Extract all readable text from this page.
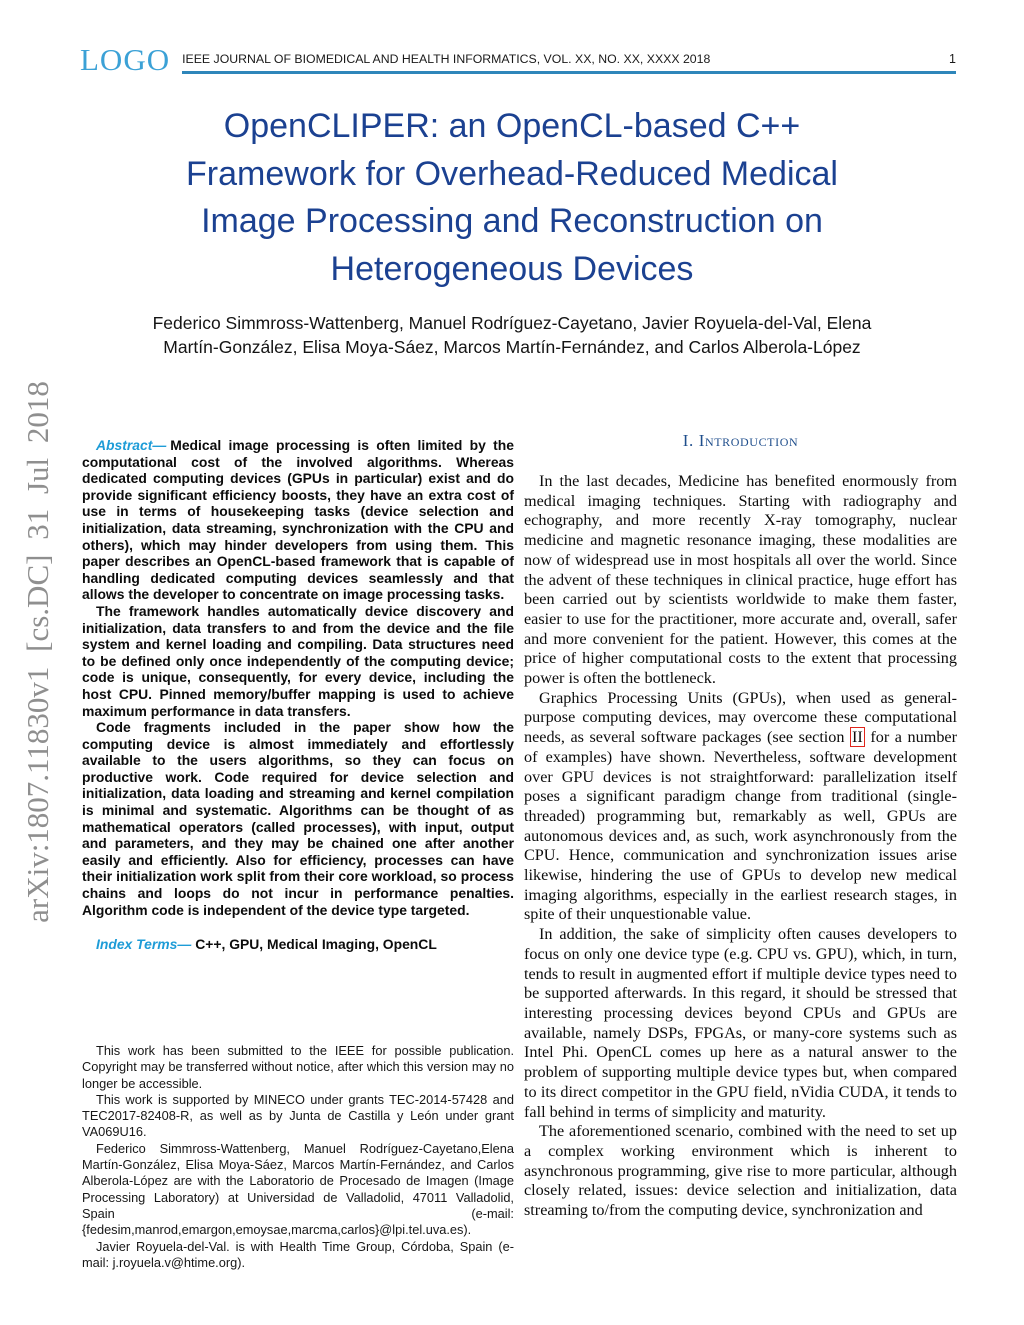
arXiv:1807.11830v1 [cs.DC] 31 Jul 2018
LOGO IEEE JOURNAL OF BIOMEDICAL AND HEALTH INFORMATICS, VOL. XX, NO. XX, XXXX 2018	1
OpenCLIPER: an OpenCL-based C++
Framework for Overhead-Reduced Medical
Image Processing and Reconstruction on
Heterogeneous Devices
Federico Simmross-Wattenberg, Manuel Rodríguez-Cayetano, Javier Royuela-del-Val, Elena
Martín-González, Elisa Moya-Sáez, Marcos Martín-Fernández, and Carlos Alberola-López

Abstract— Medical image processing is often limited by the computational cost of the involved algorithms. Whereas dedicated computing devices (GPUs in particular) exist and do provide significant efficiency boosts, they have an extra cost of use in terms of housekeeping tasks (device selection and initialization, data streaming, synchronization with the CPU and others), which may hinder developers from using them. This paper describes an OpenCL-based framework that is capable of handling dedicated computing devices seamlessly and that allows the developer to concentrate on image processing tasks.

The framework handles automatically device discovery and initialization, data transfers to and from the device and the file system and kernel loading and compiling. Data structures need to be defined only once independently of the computing device; code is unique, consequently, for every device, including the host CPU. Pinned memory/buffer mapping is used to achieve maximum performance in data transfers.

Code fragments included in the paper show how the computing device is almost immediately and effortlessly available to the users algorithms, so they can focus on productive work. Code required for device selection and initialization, data loading and streaming and kernel compilation is minimal and systematic. Algorithms can be thought of as mathematical operators (called processes), with input, output and parameters, and they may be chained one after another easily and efficiently. Also for efficiency, processes can have their initialization work split from their core workload, so process chains and loops do not incur in performance penalties. Algorithm code is independent of the device type targeted.

Index Terms— C++, GPU, Medical Imaging, OpenCL

This work has been submitted to the IEEE for possible publication. Copyright may be transferred without notice, after which this version may no longer be accessible.

This work is supported by MINECO under grants TEC-2014-57428 and TEC2017-82408-R, as well as by Junta de Castilla y León under grant VA069U16.

Federico Simmross-Wattenberg, Manuel Rodríguez-Cayetano,Elena Martín-González, Elisa Moya-Sáez, Marcos Martín-Fernández, and Carlos Alberola-López are with the Laboratorio de Procesado de Imagen (Image Processing Laboratory) at Universidad de Valladolid, 47011 Valladolid, Spain (e-mail: {fedesim,manrod,emargon,emoysae,marcma,carlos}@lpi.tel.uva.es).

Javier Royuela-del-Val. is with Health Time Group, Córdoba, Spain (e-mail: j.royuela.v@htime.org).

I. Introduction

In the last decades, Medicine has benefited enormously from medical imaging techniques. Starting with radiography and echography, and more recently X-ray tomography, nuclear medicine and magnetic resonance imaging, these modalities are now of widespread use in most hospitals all over the world. Since the advent of these techniques in clinical practice, huge effort has been carried out by scientists worldwide to make them faster, easier to use for the practitioner, more accurate and, overall, safer and more convenient for the patient. However, this comes at the price of higher computational costs to the extent that processing power is often the bottleneck.

Graphics Processing Units (GPUs), when used as general-purpose computing devices, may overcome these computational needs, as several software packages (see section II for a number of examples) have shown. Nevertheless, software development over GPU devices is not straightforward: parallelization itself poses a significant paradigm change from traditional (single-threaded) programming but, remarkably as well, GPUs are autonomous devices and, as such, work asynchronously from the CPU. Hence, communication and synchronization issues arise likewise, hindering the use of GPUs to develop new medical imaging algorithms, especially in the earliest research stages, in spite of their unquestionable value.

In addition, the sake of simplicity often causes developers to focus on only one device type (e.g. CPU vs. GPU), which, in turn, tends to result in augmented effort if multiple device types need to be supported afterwards. In this regard, it should be stressed that interesting processing devices beyond CPUs and GPUs are available, namely DSPs, FPGAs, or many-core systems such as Intel Phi. OpenCL comes up here as a natural answer to the problem of supporting multiple device types but, when compared to its direct competitor in the GPU field, nVidia CUDA, it tends to fall behind in terms of simplicity and maturity.

The aforementioned scenario, combined with the need to set up a complex working environment which is inherent to asynchronous programming, give rise to more particular, although closely related, issues: device selection and initialization, data streaming to/from the computing device, synchronization and
